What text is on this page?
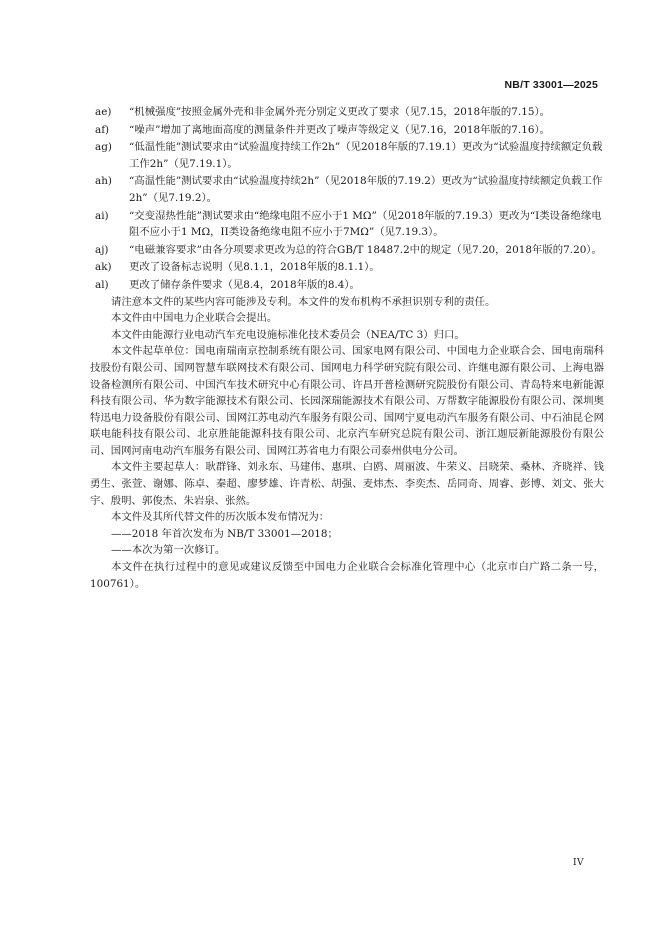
NB/T 33001—2025
ae)	“机械强度”按照金属外壳和非金属外壳分别定义更改了要求（见7.15，2018年版的7.15）。
af)	“噪声”增加了离地面高度的测量条件并更改了噪声等级定义（见7.16，2018年版的7.16）。
ag)	“低温性能”测试要求由“试验温度持续工作2h”（见2018年版的7.19.1）更改为“试验温度持续额定负载工作2h”（见7.19.1）。
ah)	“高温性能”测试要求由“试验温度持续2h”（见2018年版的7.19.2）更改为“试验温度持续额定负载工作2h”（见7.19.2）。
ai)	“交变湿热性能”测试要求由“绝缘电阻不应小于1 MΩ”（见2018年版的7.19.3）更改为“I类设备绝缘电阻不应小于1 MΩ，II类设备绝缘电阻不应小于7MΩ”（见7.19.3）。
aj)	“电磁兼容要求”由各分项要求更改为总的符合GB/T 18487.2中的规定（见7.20，2018年版的7.20）。
ak)	更改了设备标志说明（见8.1.1，2018年版的8.1.1）。
al)	更改了储存条件要求（见8.4，2018年版的8.4）。

请注意本文件的某些内容可能涉及专利。本文件的发布机构不承担识别专利的责任。

本文件由中国电力企业联合会提出。

本文件由能源行业电动汽车充电设施标准化技术委员会（NEA/TC 3）归口。

本文件起草单位：国电南瑞南京控制系统有限公司、国家电网有限公司、中国电力企业联合会、国电南瑞科技股份有限公司、国网智慧车联网技术有限公司、国网电力科学研究院有限公司、许继电源有限公司、上海电器设备检测所有限公司、中国汽车技术研究中心有限公司、许昌开普检测研究院股份有限公司、青岛特来电新能源科技有限公司、华为数字能源技术有限公司、长园深瑞能源技术有限公司、万帮数字能源股份有限公司、深圳奥特迅电力设备股份有限公司、国网江苏电动汽车服务有限公司、国网宁夏电动汽车服务有限公司、中石油昆仑网联电能科技有限公司、北京胜能能源科技有限公司、北京汽车研究总院有限公司、浙江迦辰新能源股份有限公司、国网河南电动汽车服务有限公司、国网江苏省电力有限公司泰州供电分公司。

本文件主要起草人：耿群锋、刘永东、马建伟、惠琪、白鸥、周丽波、牛荣义、吕晓荣、桑林、齐晓祥、钱勇生、张萱、谢娜、陈卓、秦超、廖梦雄、许青松、胡强、麦炜杰、李奕杰、岳同奇、周睿、彭博、刘文、张大宇、殷明、郭俊杰、朱岩泉、张然。

本文件及其所代替文件的历次版本发布情况为：

——2018 年首次发布为 NB/T 33001—2018；

——本次为第一次修订。

本文件在执行过程中的意见或建议反馈至中国电力企业联合会标准化管理中心（北京市白广路二条一号，100761）。

IV
